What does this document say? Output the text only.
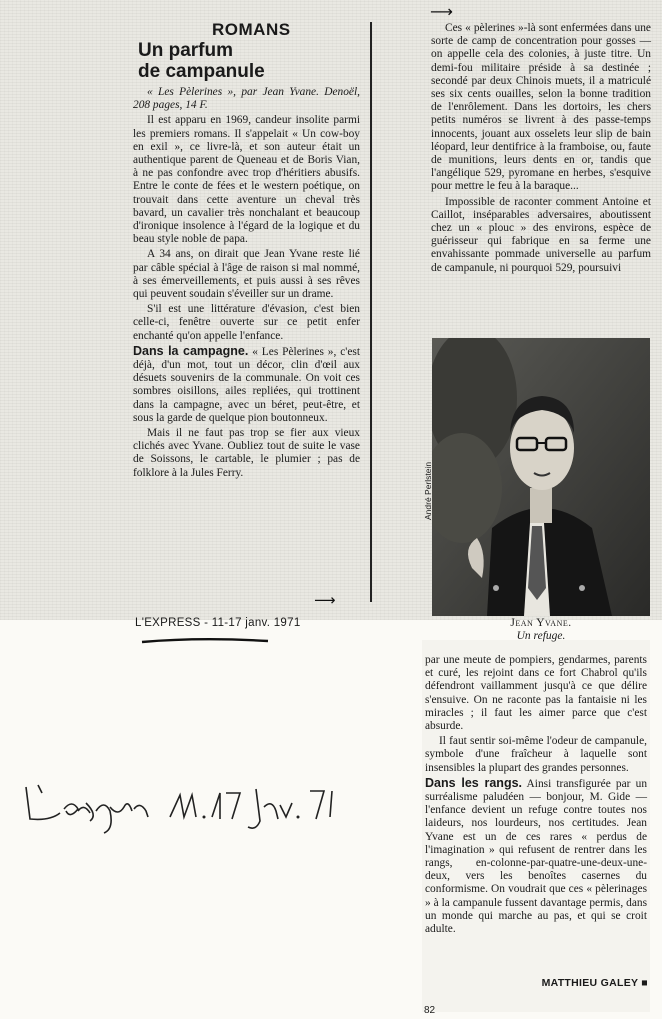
⟶
ROMANS
Un parfum
de campanule

« Les Pèlerines », par Jean Yvane. Denoël, 208 pages, 14 F.

Il est apparu en 1969, candeur insolite parmi les premiers romans. Il s'appelait « Un cow-boy en exil », ce livre-là, et son auteur était un authentique parent de Queneau et de Boris Vian, à ne pas confondre avec trop d'héritiers abusifs. Entre le conte de fées et le western poétique, on trouvait dans cette aventure un cheval très bavard, un cavalier très nonchalant et beaucoup d'ironique insolence à l'égard de la logique et du beau style noble de papa.

A 34 ans, on dirait que Jean Yvane reste lié par câble spécial à l'âge de raison si mal nommé, à ses émerveillements, et puis aussi à ses rêves qui peuvent soudain s'éveiller sur un drame.

S'il est une littérature d'évasion, c'est bien celle-ci, fenêtre ouverte sur ce petit enfer enchanté qu'on appelle l'enfance.

Dans la campagne. « Les Pèlerines », c'est déjà, d'un mot, tout un décor, clin d'œil aux désuets souvenirs de la communale. On voit ces sombres oisillons, ailes repliées, qui trottinent dans la campagne, avec un béret, peut-être, et sous la garde de quelque pion boutonneux.

Mais il ne faut pas trop se fier aux vieux clichés avec Yvane. Oubliez tout de suite le vase de Soissons, le cartable, le plumier ; pas de folklore à la Jules Ferry.

⟶

Ces « pèlerines »-là sont enfermées dans une sorte de camp de concentration pour gosses — on appelle cela des colonies, à juste titre. Un demi-fou militaire préside à sa destinée ; secondé par deux Chinois muets, il a matriculé ses six cents ouailles, selon la bonne tradition de l'enrôlement. Dans les dortoirs, les chers petits numéros se livrent à des passe-temps innocents, jouant aux osselets leur slip de bain léopard, leur dentifrice à la framboise, ou, faute de munitions, leurs dents en or, tandis que l'angélique 529, pyromane en herbes, s'esquive pour mettre le feu à la baraque...

Impossible de raconter comment Antoine et Caillot, inséparables adversaires, aboutissent chez un « plouc » des environs, espèce de guérisseur qui fabrique en sa ferme une envahissante pommade universelle au parfum de campanule, ni pourquoi 529, poursuivi

André Perlstein
Jean Yvane.
Un refuge.
L'EXPRESS - 11-17 janv. 1971

par une meute de pompiers, gendarmes, parents et curé, les rejoint dans ce fort Chabrol qu'ils défendront vaillamment jusqu'à ce que délire s'ensuive. On ne raconte pas la fantaisie ni les miracles ; il faut les aimer parce que c'est absurde.

Il faut sentir soi-même l'odeur de campanule, symbole d'une fraîcheur à laquelle sont insensibles la plupart des grandes personnes.

Dans les rangs. Ainsi transfigurée par un surréalisme paludéen — bonjour, M. Gide — l'enfance devient un refuge contre toutes nos laideurs, nos lourdeurs, nos certitudes. Jean Yvane est un de ces rares « perdus de l'imagination » qui refusent de rentrer dans les rangs, en-colonne-par-quatre-une-deux-une-deux, vers les benoîtes casernes du conformisme. On voudrait que ces « pèlerinages » à la campanule fussent davantage permis, dans un monde qui marche au pas, et qui se croit adulte.

MATTHIEU GALEY ■
82
